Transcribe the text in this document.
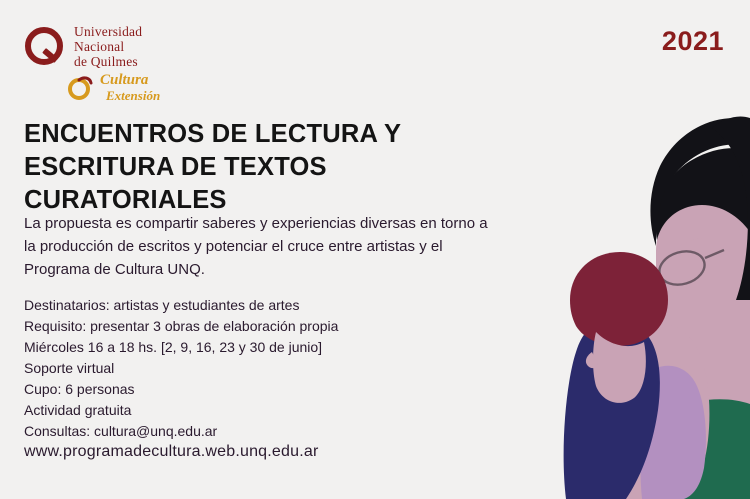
Universidad
Nacional
de Quilmes
Cultura
Extensión
2021
ENCUENTROS DE LECTURA Y ESCRITURA DE TEXTOS CURATORIALES
La propuesta es compartir saberes y experiencias diversas en torno a la producción de escritos y potenciar el cruce entre artistas y el Programa de Cultura UNQ.
Destinatarios: artistas y estudiantes de artes
Requisito: presentar 3 obras de elaboración propia
Miércoles 16 a 18 hs. [2, 9, 16, 23 y 30 de junio]
Soporte virtual
Cupo: 6 personas
Actividad gratuita
Consultas: cultura@unq.edu.ar
www.programadecultura.web.unq.edu.ar
